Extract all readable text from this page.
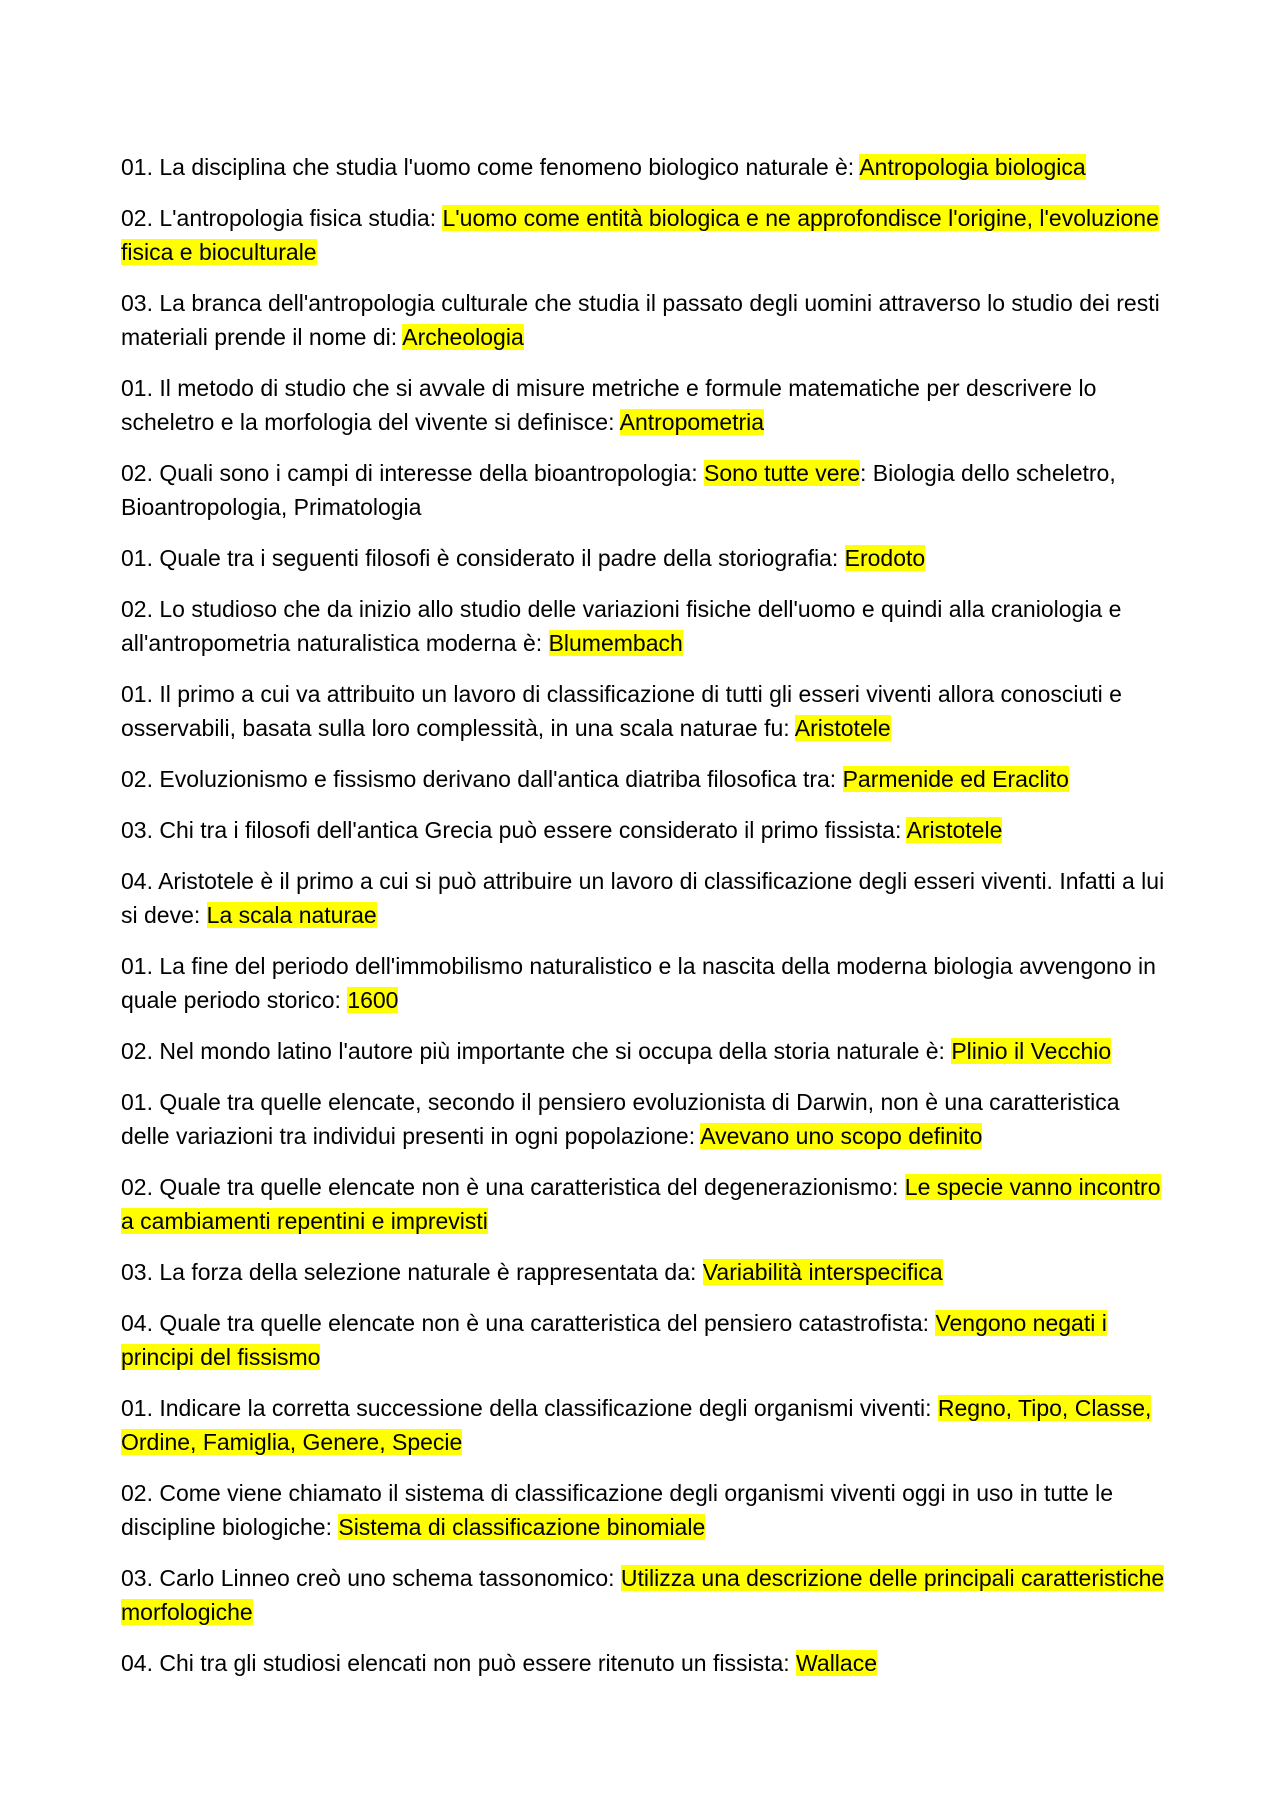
01. La disciplina che studia l'uomo come fenomeno biologico naturale è: Antropologia biologica

02. L'antropologia fisica studia: L'uomo come entità biologica e ne approfondisce l'origine, l'evoluzione fisica e bioculturale

03. La branca dell'antropologia culturale che studia il passato degli uomini attraverso lo studio dei resti materiali prende il nome di: Archeologia

01. Il metodo di studio che si avvale di misure metriche e formule matematiche per descrivere lo scheletro e la morfologia del vivente si definisce: Antropometria

02. Quali sono i campi di interesse della bioantropologia: Sono tutte vere: Biologia dello scheletro, Bioantropologia, Primatologia

01. Quale tra i seguenti filosofi è considerato il padre della storiografia: Erodoto

02. Lo studioso che da inizio allo studio delle variazioni fisiche dell'uomo e quindi alla craniologia e all'antropometria naturalistica moderna è: Blumembach

01. Il primo a cui va attribuito un lavoro di classificazione di tutti gli esseri viventi allora conosciuti e osservabili, basata sulla loro complessità, in una scala naturae fu: Aristotele

02. Evoluzionismo e fissismo derivano dall'antica diatriba filosofica tra: Parmenide ed Eraclito

03. Chi tra i filosofi dell'antica Grecia può essere considerato il primo fissista: Aristotele

04. Aristotele è il primo a cui si può attribuire un lavoro di classificazione degli esseri viventi. Infatti a lui si deve: La scala naturae

01. La fine del periodo dell'immobilismo naturalistico e la nascita della moderna biologia avvengono in quale periodo storico: 1600

02. Nel mondo latino l'autore più importante che si occupa della storia naturale è: Plinio il Vecchio

01. Quale tra quelle elencate, secondo il pensiero evoluzionista di Darwin, non è una caratteristica delle variazioni tra individui presenti in ogni popolazione: Avevano uno scopo definito

02. Quale tra quelle elencate non è una caratteristica del degenerazionismo: Le specie vanno incontro a cambiamenti repentini e imprevisti

03. La forza della selezione naturale è rappresentata da: Variabilità interspecifica

04. Quale tra quelle elencate non è una caratteristica del pensiero catastrofista: Vengono negati i principi del fissismo

01. Indicare la corretta successione della classificazione degli organismi viventi: Regno, Tipo, Classe, Ordine, Famiglia, Genere, Specie

02. Come viene chiamato il sistema di classificazione degli organismi viventi oggi in uso in tutte le discipline biologiche: Sistema di classificazione binomiale

03. Carlo Linneo creò uno schema tassonomico: Utilizza una descrizione delle principali caratteristiche morfologiche

04. Chi tra gli studiosi elencati non può essere ritenuto un fissista: Wallace
